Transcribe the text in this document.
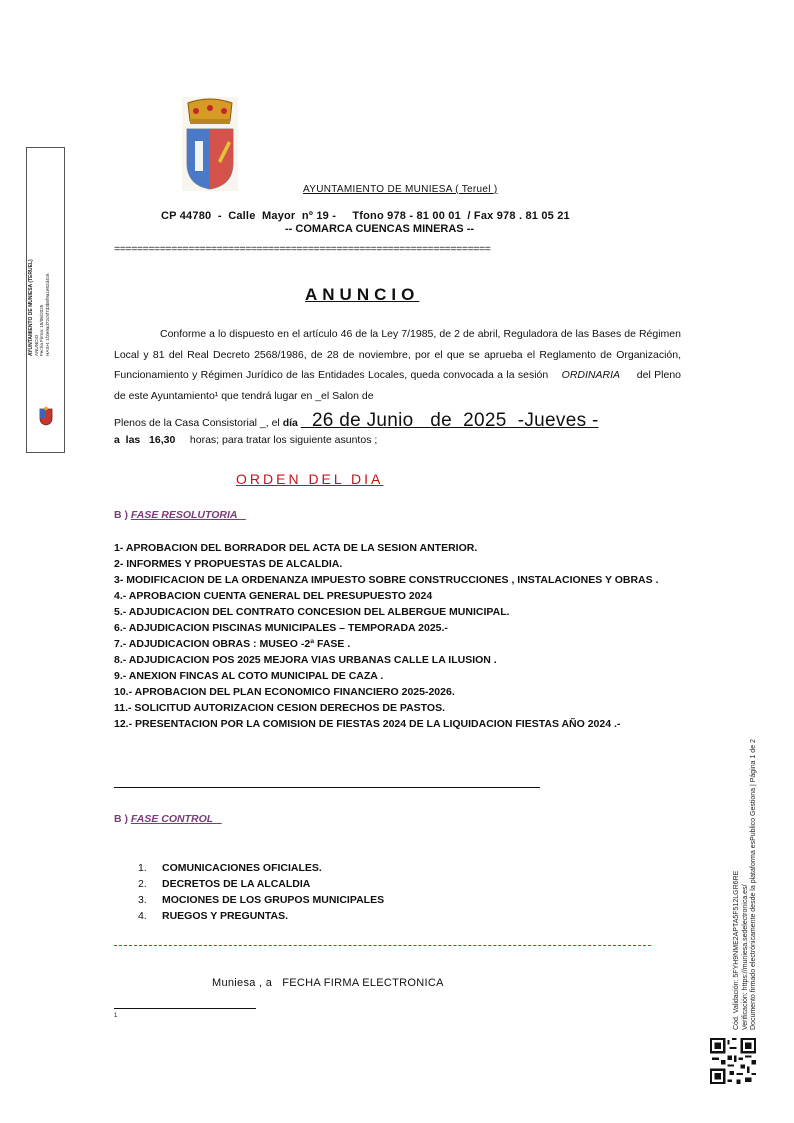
AYUNTAMIENTO DE MUNIESA (TERUEL) ANUNCIO Fecha Firma: 18/06/2025 HASH: 1f3e9ad72c5f7d3b5f9a1e82d4c6
AYUNTAMIENTO DE MUNIESA ( Teruel )
CP 44780  -  Calle  Mayor  nº 19 -     Tfono 978 - 81 00 01  / Fax 978 . 81 05 21
-- COMARCA CUENCAS MINERAS --
==================================================================
ANUNCIO
Conforme a lo dispuesto en el artículo 46 de la Ley 7/1985, de 2 de abril, Reguladora de las Bases de Régimen Local y 81 del Real Decreto 2568/1986, de 28 de noviembre, por el que se aprueba el Reglamento de Organización, Funcionamiento y Régimen Jurídico de las Entidades Locales, queda convocada a la sesión ORDINARIA del Pleno de este Ayuntamiento¹ que tendrá lugar en _el Salon de
Plenos de la Casa Consistorial _, el día   26 de Junio   de  2025  -Jueves -
a  las 16,30 horas; para tratar los siguiente asuntos ;
ORDEN DEL DIA
B ) FASE RESOLUTORIA
1- APROBACION DEL BORRADOR DEL ACTA DE LA SESION ANTERIOR.
2- INFORMES Y PROPUESTAS DE ALCALDIA.
3- MODIFICACION DE LA ORDENANZA IMPUESTO SOBRE CONSTRUCCIONES , INSTALACIONES Y OBRAS .
4.- APROBACION CUENTA GENERAL DEL PRESUPUESTO 2024
5.- ADJUDICACION DEL CONTRATO CONCESION DEL ALBERGUE MUNICIPAL.
6.- ADJUDICACION PISCINAS MUNICIPALES – TEMPORADA 2025.-
7.- ADJUDICACION OBRAS : MUSEO -2ª FASE .
8.- ADJUDICACION POS 2025 MEJORA VIAS URBANAS CALLE LA ILUSION .
9.- ANEXION FINCAS AL COTO MUNICIPAL DE CAZA .
10.- APROBACION DEL PLAN ECONOMICO FINANCIERO 2025-2026.
11.- SOLICITUD AUTORIZACION CESION DERECHOS DE PASTOS.
12.- PRESENTACION POR LA COMISION DE FIESTAS 2024 DE LA LIQUIDACION FIESTAS AÑO 2024 .-
B ) FASE CONTROL
1. COMUNICACIONES OFICIALES.
2. DECRETOS DE LA ALCALDIA
3. MOCIONES DE LOS GRUPOS MUNICIPALES
4. RUEGOS Y PREGUNTAS.
Muniesa , a   FECHA FIRMA ELECTRONICA
1	Cód. Validación: 5FYH9NME2APTA5F512LGR6RE Verificación: https://muniesa.sedelectronica.es/ Documento firmado electrónicamente desde la plataforma esPublico Gestiona | Página 1 de 2
